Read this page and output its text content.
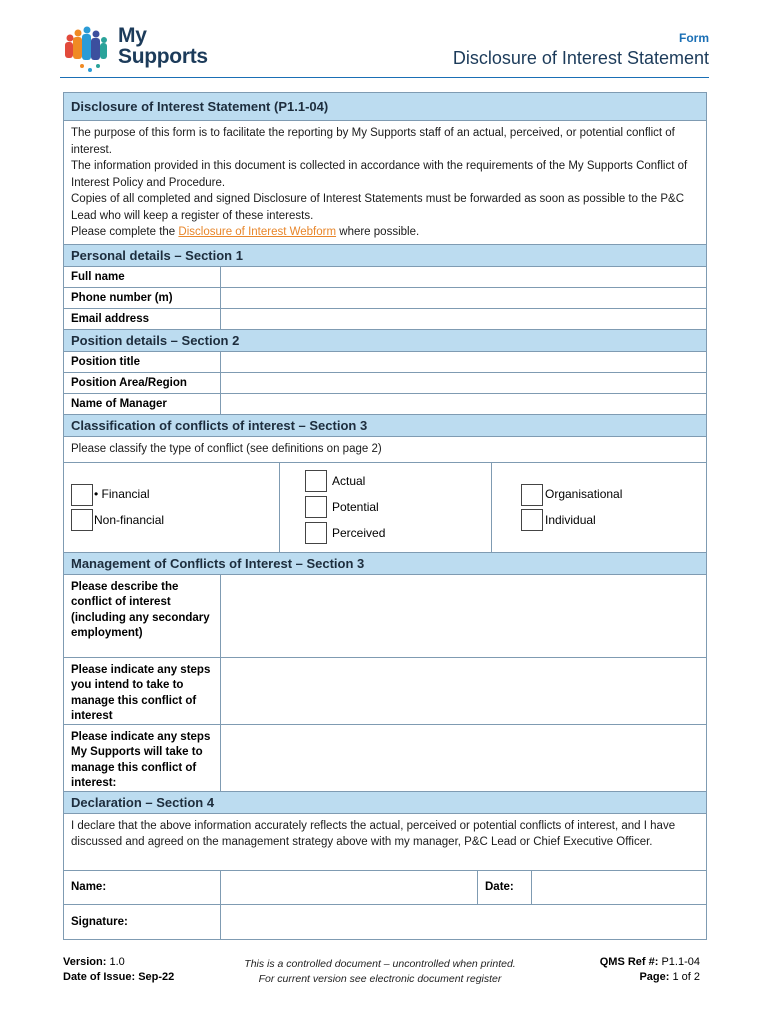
My
Supports
Form
Disclosure of Interest Statement
Disclosure of Interest Statement (P1.1-04)
The purpose of this form is to facilitate the reporting by My Supports staff of an actual, perceived, or potential conflict of interest.
The information provided in this document is collected in accordance with the requirements of the My Supports Conflict of Interest Policy and Procedure.
Copies of all completed and signed Disclosure of Interest Statements must be forwarded as soon as possible to the P&C Lead who will keep a register of these interests.
Please complete the Disclosure of Interest Webform where possible.
Personal details – Section 1
Full name
Phone number (m)
Email address
Position details – Section 2
Position title
Position Area/Region
Name of Manager
Classification of conflicts of interest – Section 3
Please classify the type of conflict (see definitions on page 2)
• Financial
Non-financial
Actual
Potential
Perceived
Organisational
Individual
Management of Conflicts of Interest – Section 3
Please describe the conflict of interest (including any secondary employment)
Please indicate any steps you intend to take to manage this conflict of interest
Please indicate any steps My Supports will take to manage this conflict of interest:
Declaration – Section 4
I declare that the above information accurately reflects the actual, perceived or potential conflicts of interest, and I have discussed and agreed on the management strategy above with my manager, P&C Lead or Chief Executive Officer.
Name:	Date:
Signature:
Version: 1.0
Date of Issue: Sep-22
This is a controlled document – uncontrolled when printed.
For current version see electronic document register
QMS Ref #: P1.1-04
Page: 1 of 2
